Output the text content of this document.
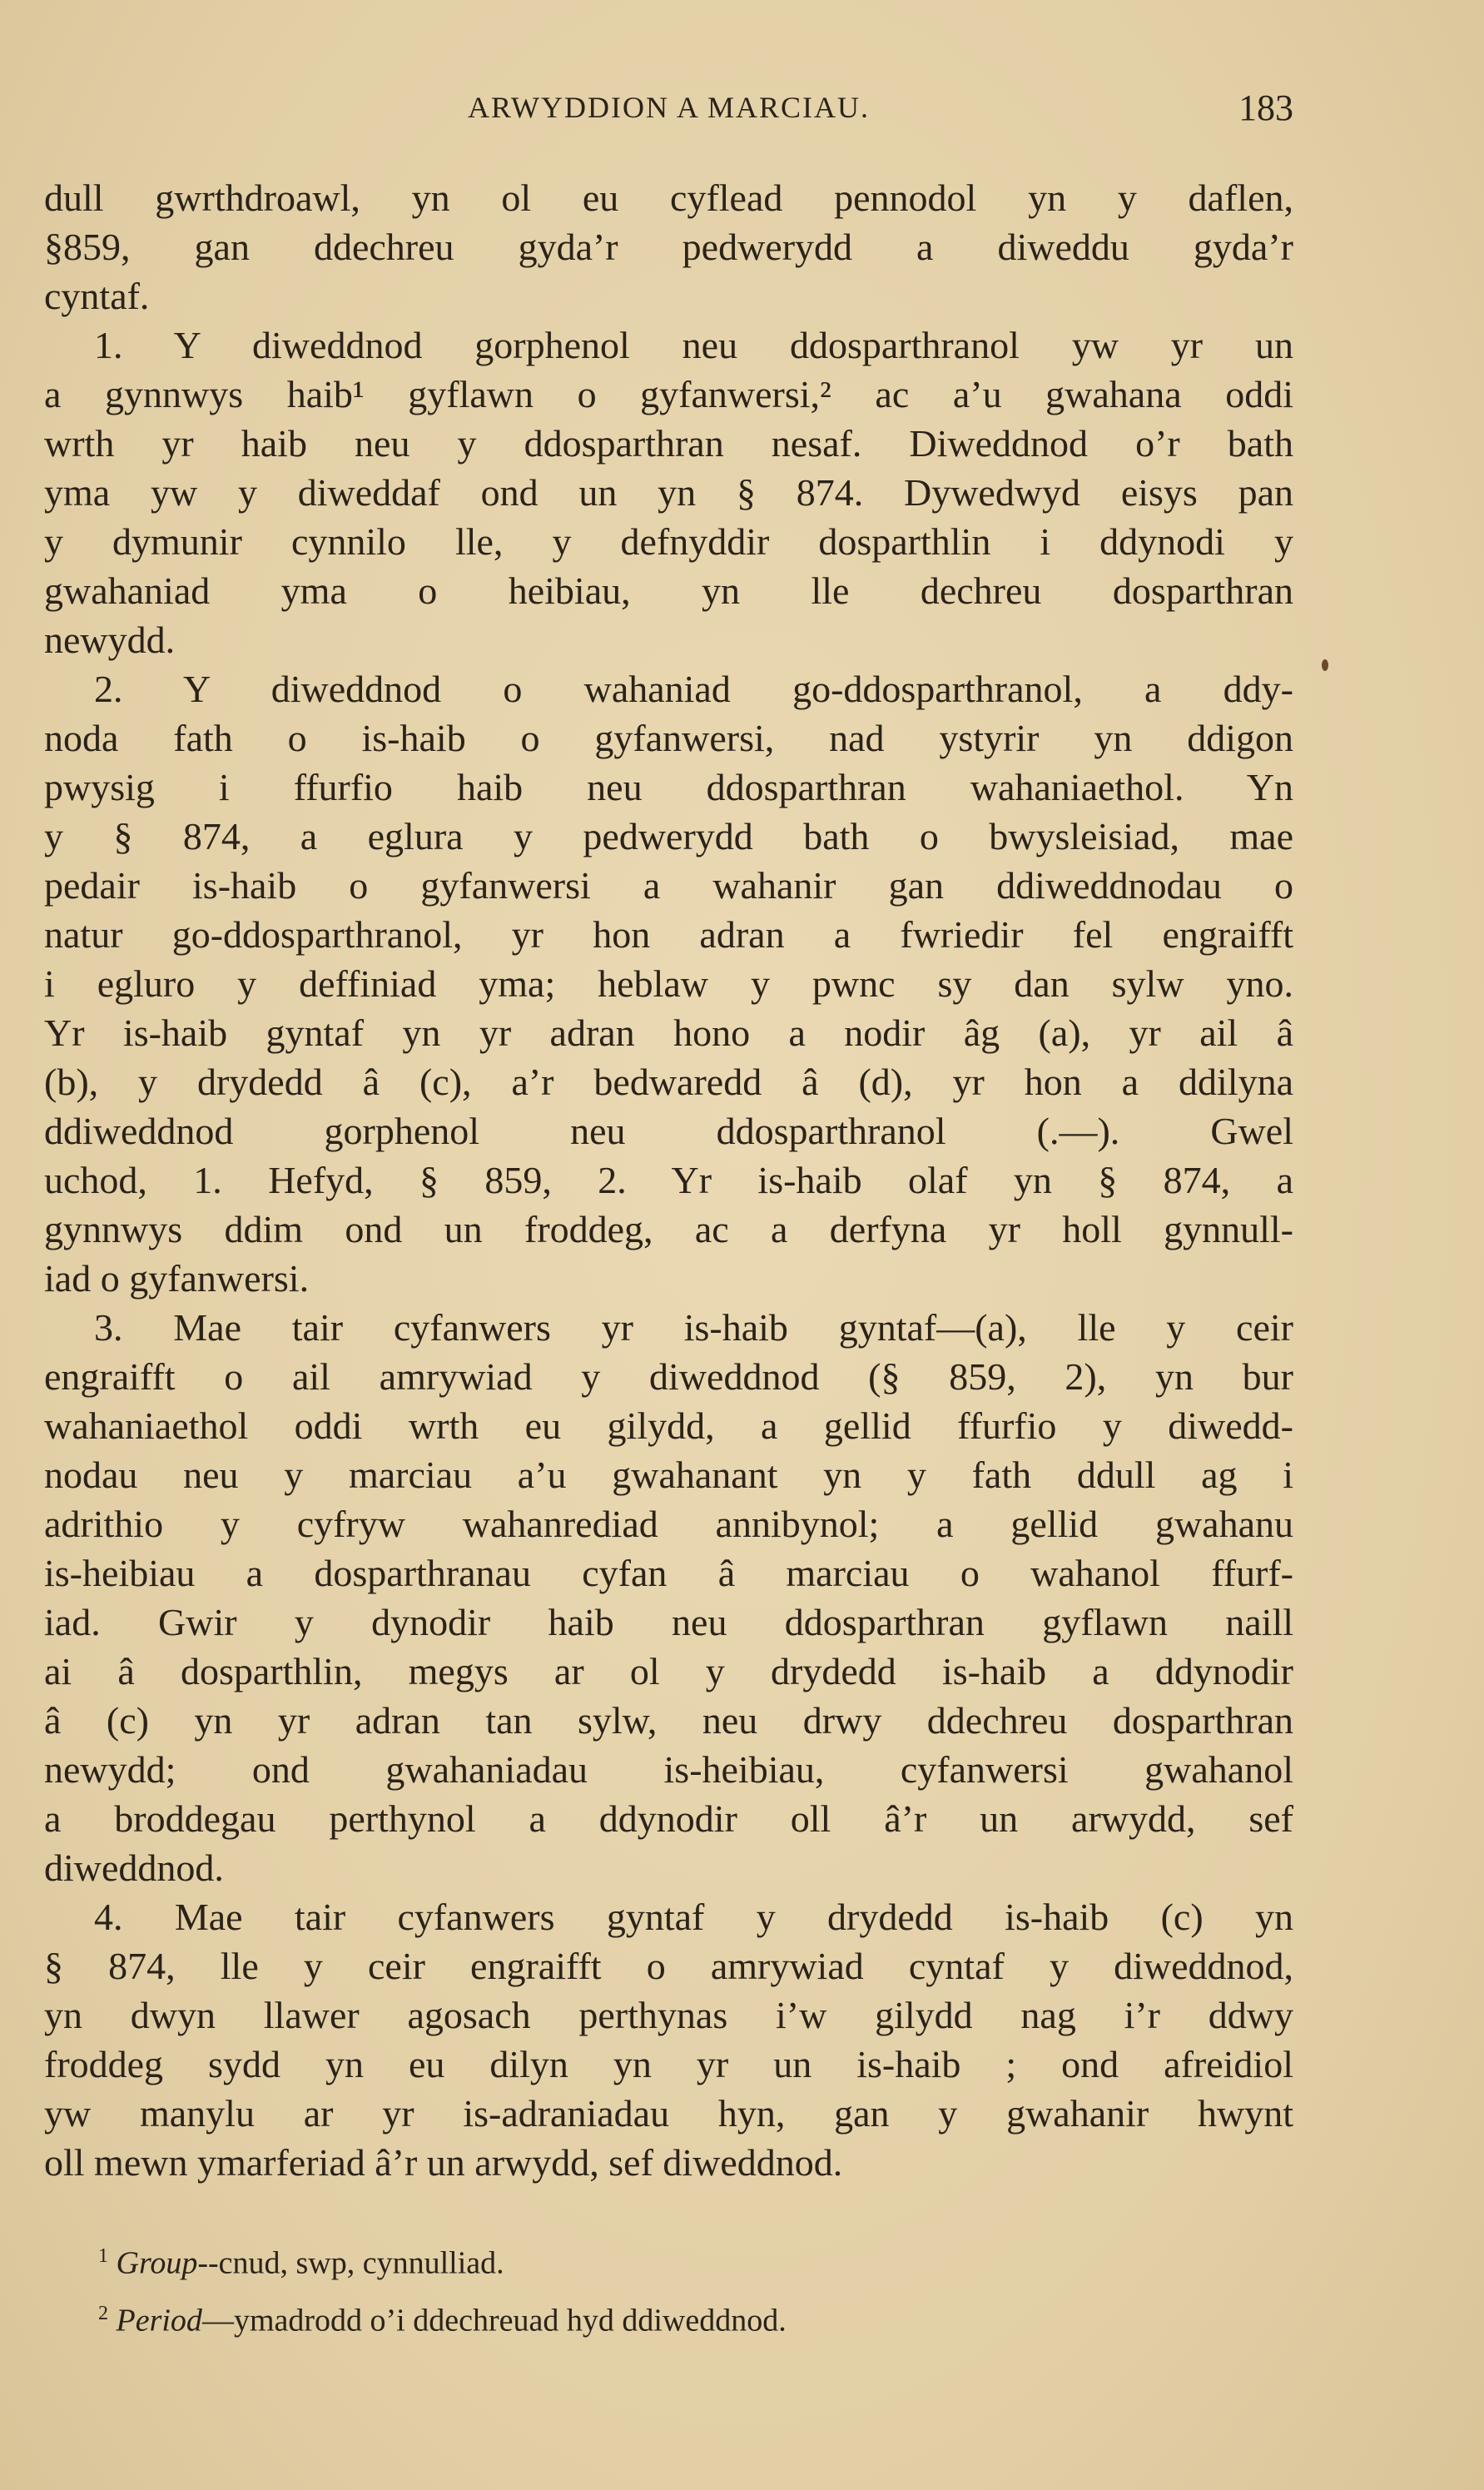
ARWYDDION A MARCIAU.	183
dull gwrthdroawl, yn ol eu cyflead pennodol yn y daflen,
§859, gan ddechreu gyda’r pedwerydd a diweddu gyda’r
cyntaf.
1. Y diweddnod gorphenol neu ddosparthranol yw yr un
a gynnwys haib¹ gyflawn o gyfanwersi,² ac a’u gwahana oddi
wrth yr haib neu y ddosparthran nesaf. Diweddnod o’r bath
yma yw y diweddaf ond un yn § 874. Dywedwyd eisys pan
y dymunir cynnilo lle, y defnyddir dosparthlin i ddynodi y
gwahaniad yma o heibiau, yn lle dechreu dosparthran
newydd.
2. Y diweddnod o wahaniad go-ddosparthranol, a ddy-
noda fath o is-haib o gyfanwersi, nad ystyrir yn ddigon
pwysig i ffurfio haib neu ddosparthran wahaniaethol. Yn
y § 874, a eglura y pedwerydd bath o bwysleisiad, mae
pedair is-haib o gyfanwersi a wahanir gan ddiweddnodau o
natur go-ddosparthranol, yr hon adran a fwriedir fel engraifft
i egluro y deffiniad yma; heblaw y pwnc sy dan sylw yno.
Yr is-haib gyntaf yn yr adran hono a nodir âg (a), yr ail â
(b), y drydedd â (c), a’r bedwaredd â (d), yr hon a ddilyna
ddiweddnod gorphenol neu ddosparthranol (.—). Gwel
uchod, 1. Hefyd, § 859, 2. Yr is-haib olaf yn § 874, a
gynnwys ddim ond un froddeg, ac a derfyna yr holl gynnull-
iad o gyfanwersi.
3. Mae tair cyfanwers yr is-haib gyntaf—(a), lle y ceir
engraifft o ail amrywiad y diweddnod (§ 859, 2), yn bur
wahaniaethol oddi wrth eu gilydd, a gellid ffurfio y diwedd-
nodau neu y marciau a’u gwahanant yn y fath ddull ag i
adrithio y cyfryw wahanrediad annibynol; a gellid gwahanu
is-heibiau a dosparthranau cyfan â marciau o wahanol ffurf-
iad. Gwir y dynodir haib neu ddosparthran gyflawn naill
ai â dosparthlin, megys ar ol y drydedd is-haib a ddynodir
â (c) yn yr adran tan sylw, neu drwy ddechreu dosparthran
newydd; ond gwahaniadau is-heibiau, cyfanwersi gwahanol
a broddegau perthynol a ddynodir oll â’r un arwydd, sef
diweddnod.
4. Mae tair cyfanwers gyntaf y drydedd is-haib (c) yn
§ 874, lle y ceir engraifft o amrywiad cyntaf y diweddnod,
yn dwyn llawer agosach perthynas i’w gilydd nag i’r ddwy
froddeg sydd yn eu dilyn yn yr un is-haib ; ond afreidiol
yw manylu ar yr is-adraniadau hyn, gan y gwahanir hwynt
oll mewn ymarferiad â’r un arwydd, sef diweddnod.
$^1$ Group--cnud, swp, cynnulliad.
$^2$ Period—ymadrodd o’i ddechreuad hyd ddiweddnod.
